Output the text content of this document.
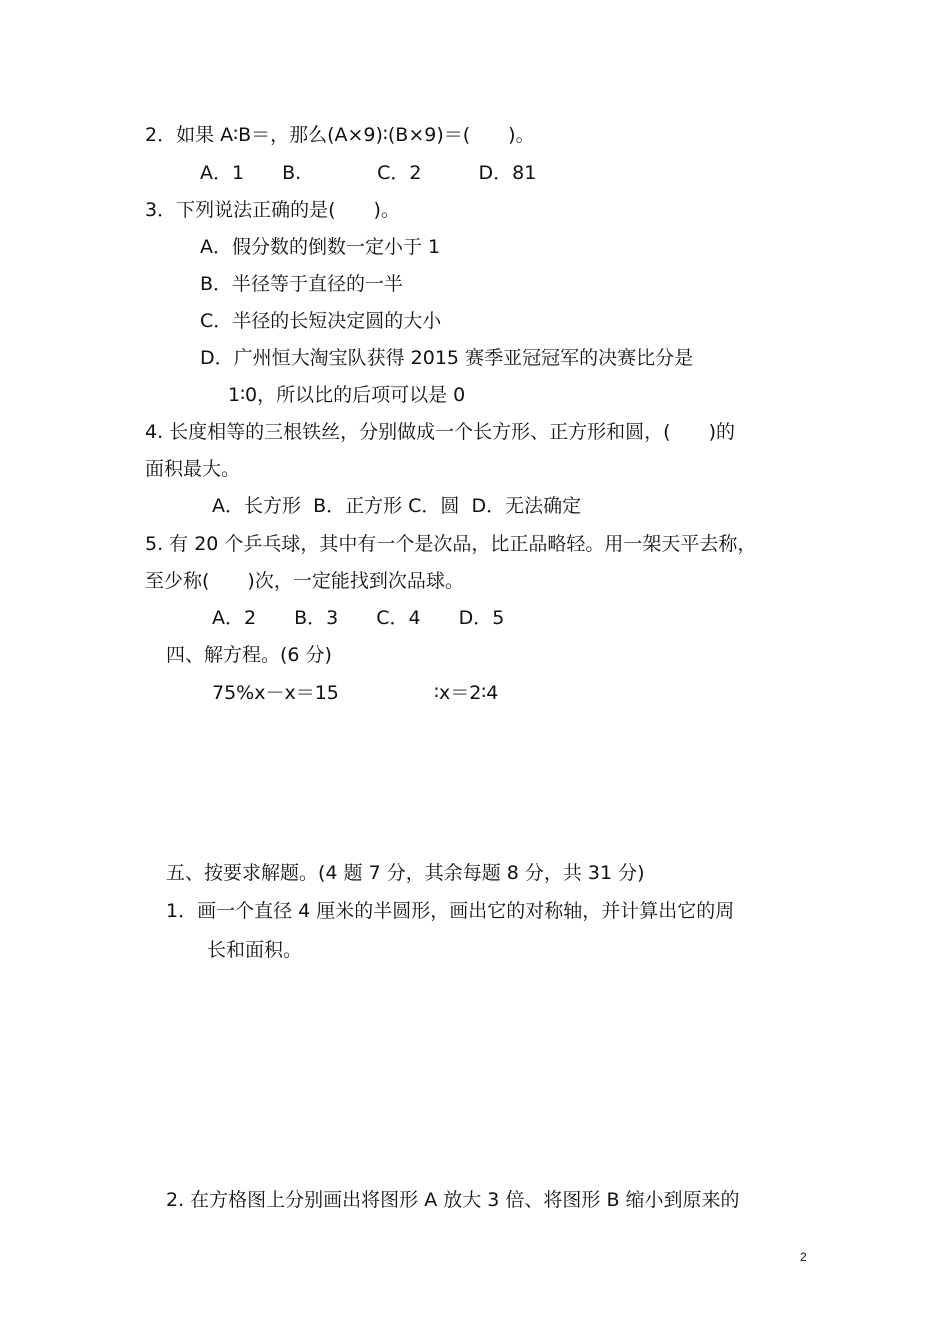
2．如果 A∶B＝，那么(A×9)∶(B×9)＝(　　)。
A．1　　B.　　　　C．2　　　D．81
3．下列说法正确的是(　　)。
A．假分数的倒数一定小于 1
B．半径等于直径的一半
C．半径的长短决定圆的大小
D．广州恒大淘宝队获得 2015 赛季亚冠冠军的决赛比分是
1∶0，所以比的后项可以是 0
4. 长度相等的三根铁丝，分别做成一个长方形、正方形和圆，(　　)的
面积最大。
A．长方形  B．正方形 C．圆  D．无法确定
5. 有 20 个乒乓球，其中有一个是次品，比正品略轻。用一架天平去称，
至少称(　　)次，一定能找到次品球。
A．2　　B．3　　C．4　　D．5
四、解方程。(6 分)
75%x－x＝15	∶x＝2∶4
五、按要求解题。(4 题 7 分，其余每题 8 分，共 31 分)
1．画一个直径 4 厘米的半圆形，画出它的对称轴，并计算出它的周
长和面积。
2. 在方格图上分别画出将图形 A 放大 3 倍、将图形 B 缩小到原来的
2
